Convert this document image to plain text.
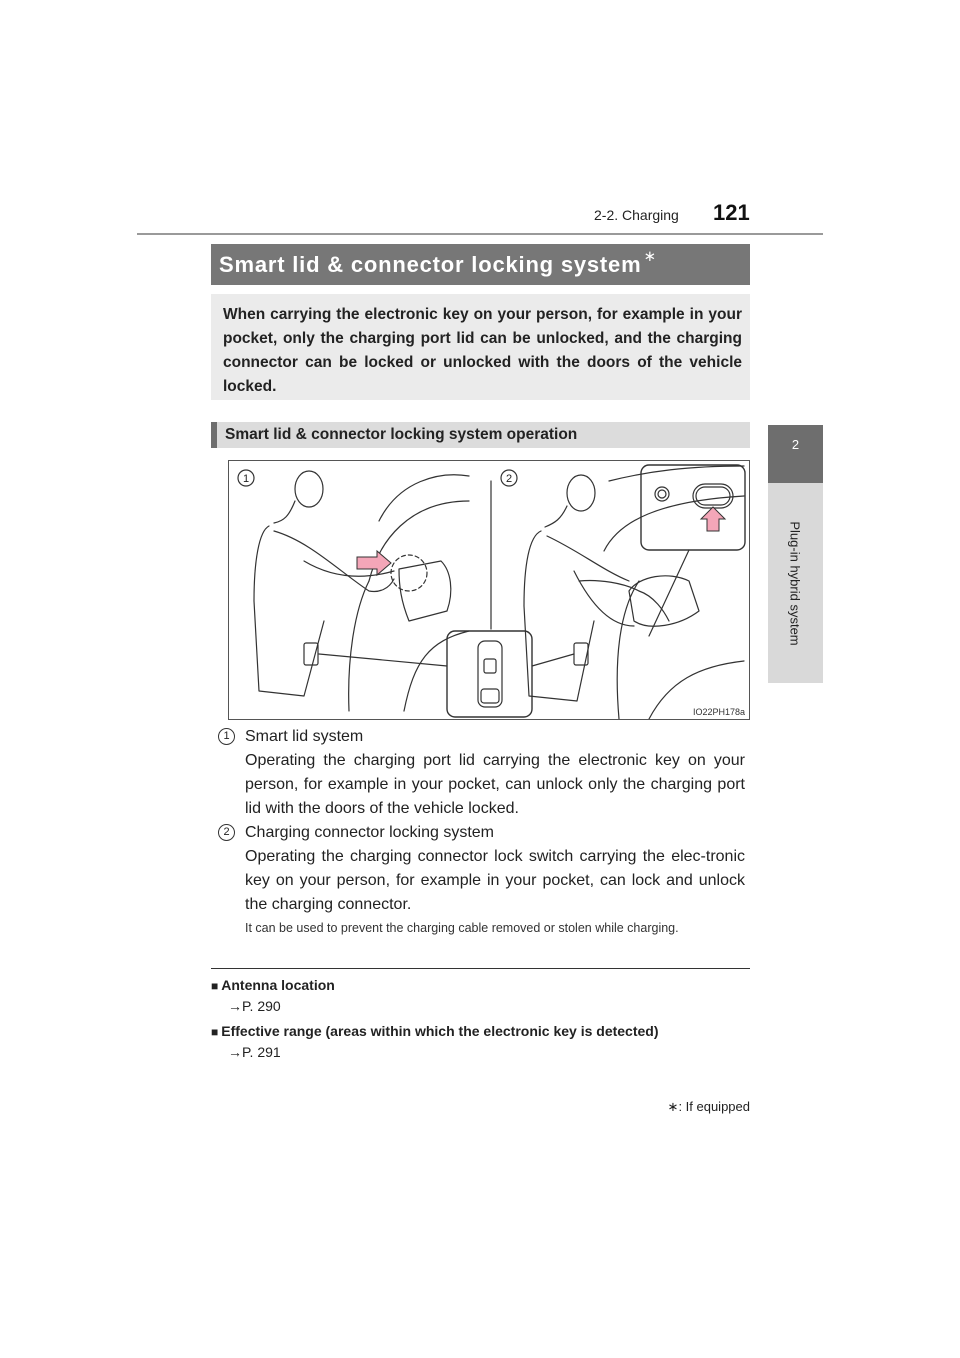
2-2. Charging 121
2
Plug-in hybrid system
Smart lid & connector locking system ∗
When carrying the electronic key on your person, for example in your pocket, only the charging port lid can be unlocked, and the charging connector can be locked or unlocked with the doors of the vehicle locked.
Smart lid & connector locking system operation
1	2
IO22PH178a
1 Smart lid system
Operating the charging port lid carrying the electronic key on your person, for example in your pocket, can unlock only the charging port lid with the doors of the vehicle locked.
2 Charging connector locking system
Operating the charging connector lock switch carrying the elec-tronic key on your person, for example in your pocket, can lock and unlock the charging connector.
It can be used to prevent the charging cable removed or stolen while charging.
■ Antenna location
→P. 290
■ Effective range (areas within which the electronic key is detected)
→P. 291
∗: If equipped
